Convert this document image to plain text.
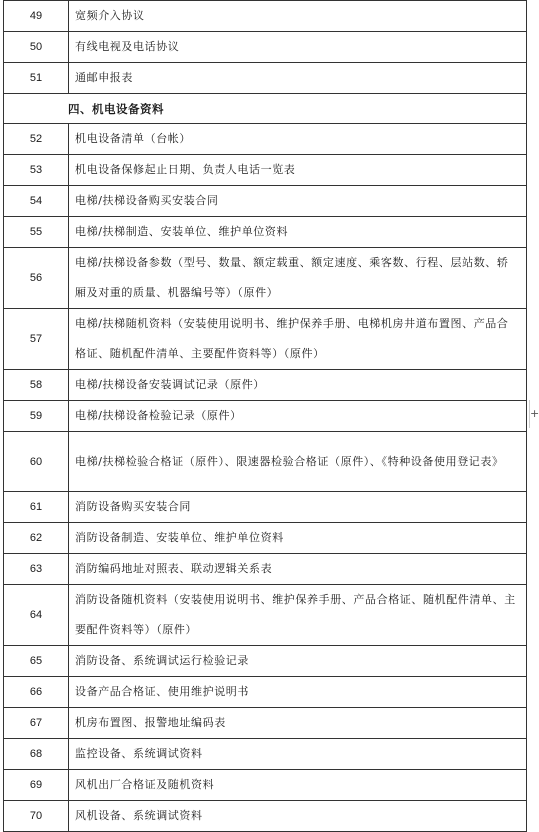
49	宽频介入协议
50	有线电视及电话协议
51	通邮申报表
四、机电设备资料	
52	机电设备清单（台帐）
53	机电设备保修起止日期、负责人电话一览表
54	电梯/扶梯设备购买安装合同
55	电梯/扶梯制造、安装单位、维护单位资料
56	电梯/扶梯设备参数（型号、数量、额定载重、额定速度、乘客数、行程、层站数、轿厢及对重的质量、机器编号等）（原件）
57	电梯/扶梯随机资料（安装使用说明书、维护保养手册、电梯机房井道布置图、产品合格证、随机配件清单、主要配件资料等）（原件）
58	电梯/扶梯设备安装调试记录（原件）
59	电梯/扶梯设备检验记录（原件）
60	电梯/扶梯检验合格证（原件）、限速器检验合格证（原件）、《特种设备使用登记表》
61	消防设备购买安装合同
62	消防设备制造、安装单位、维护单位资料
63	消防编码地址对照表、联动逻辑关系表
64	消防设备随机资料（安装使用说明书、维护保养手册、产品合格证、随机配件清单、主要配件资料等）（原件）
65	消防设备、系统调试运行检验记录
66	设备产品合格证、使用维护说明书
67	机房布置图、报警地址编码表
68	监控设备、系统调试资料
69	风机出厂合格证及随机资料
70	风机设备、系统调试资料
+
